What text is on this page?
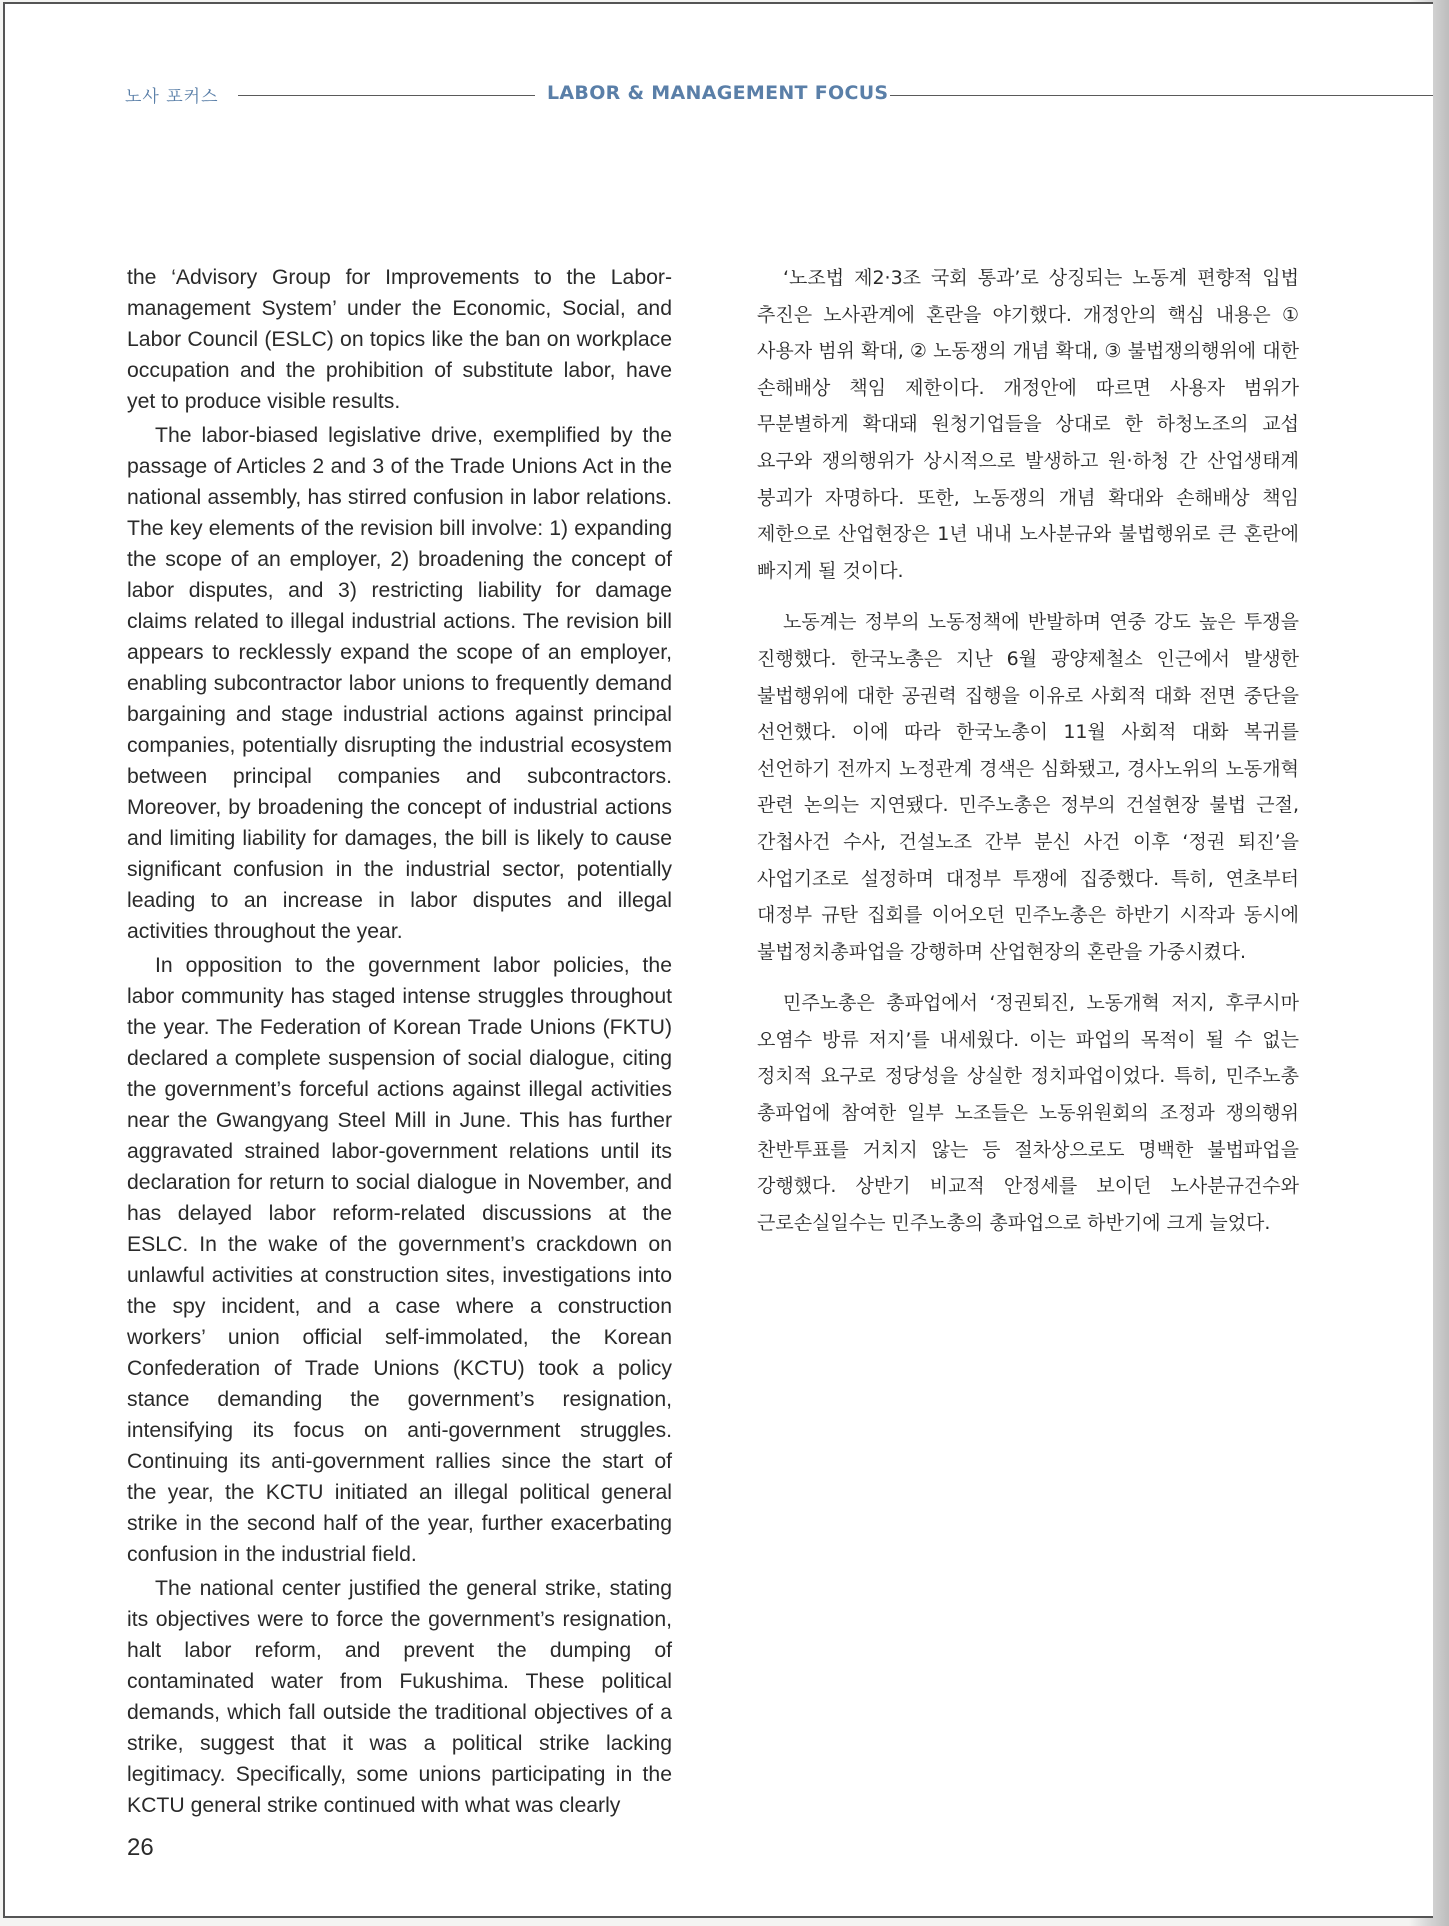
노사 포커스	LABOR & MANAGEMENT FOCUS

the ‘Advisory Group for Improvements to the Labor-management System’ under the Economic, Social, and Labor Council (ESLC) on topics like the ban on workplace occupation and the prohibition of substitute labor, have yet to produce visible results.

The labor-biased legislative drive, exemplified by the passage of Articles 2 and 3 of the Trade Unions Act in the national assembly, has stirred confusion in labor relations. The key elements of the revision bill involve: 1) expanding the scope of an employer, 2) broadening the concept of labor disputes, and 3) restricting liability for damage claims related to illegal industrial actions. The revision bill appears to recklessly expand the scope of an employer, enabling subcontractor labor unions to frequently demand bargaining and stage industrial actions against principal companies, potentially disrupting the industrial ecosystem between principal companies and subcontractors. Moreover, by broadening the concept of industrial actions and limiting liability for damages, the bill is likely to cause significant confusion in the industrial sector, potentially leading to an increase in labor disputes and illegal activities throughout the year.

In opposition to the government labor policies, the labor community has staged intense struggles throughout the year. The Federation of Korean Trade Unions (FKTU) declared a complete suspension of social dialogue, citing the government’s forceful actions against illegal activities near the Gwangyang Steel Mill in June. This has further aggravated strained labor-government relations until its declaration for return to social dialogue in November, and has delayed labor reform-related discussions at the ESLC. In the wake of the government’s crackdown on unlawful activities at construction sites, investigations into the spy incident, and a case where a construction workers’ union official self-immolated, the Korean Confederation of Trade Unions (KCTU) took a policy stance demanding the government’s resignation, intensifying its focus on anti-government struggles. Continuing its anti-government rallies since the start of the year, the KCTU initiated an illegal political general strike in the second half of the year, further exacerbating confusion in the industrial field.

The national center justified the general strike, stating its objectives were to force the government’s resignation, halt labor reform, and prevent the dumping of contaminated water from Fukushima. These political demands, which fall outside the traditional objectives of a strike, suggest that it was a political strike lacking legitimacy. Specifically, some unions participating in the KCTU general strike continued with what was clearly

‘노조법 제2·3조 국회 통과’로 상징되는 노동계 편향적 입법 추진은 노사관계에 혼란을 야기했다. 개정안의 핵심 내용은 ① 사용자 범위 확대, ② 노동쟁의 개념 확대, ③ 불법쟁의행위에 대한 손해배상 책임 제한이다. 개정안에 따르면 사용자 범위가 무분별하게 확대돼 원청기업들을 상대로 한 하청노조의 교섭 요구와 쟁의행위가 상시적으로 발생하고 원·하청 간 산업생태계 붕괴가 자명하다. 또한, 노동쟁의 개념 확대와 손해배상 책임 제한으로 산업현장은 1년 내내 노사분규와 불법행위로 큰 혼란에 빠지게 될 것이다.

노동계는 정부의 노동정책에 반발하며 연중 강도 높은 투쟁을 진행했다. 한국노총은 지난 6월 광양제철소 인근에서 발생한 불법행위에 대한 공권력 집행을 이유로 사회적 대화 전면 중단을 선언했다. 이에 따라 한국노총이 11월 사회적 대화 복귀를 선언하기 전까지 노정관계 경색은 심화됐고, 경사노위의 노동개혁 관련 논의는 지연됐다. 민주노총은 정부의 건설현장 불법 근절, 간첩사건 수사, 건설노조 간부 분신 사건 이후 ‘정권 퇴진’을 사업기조로 설정하며 대정부 투쟁에 집중했다. 특히, 연초부터 대정부 규탄 집회를 이어오던 민주노총은 하반기 시작과 동시에 불법정치총파업을 강행하며 산업현장의 혼란을 가중시켰다.

민주노총은 총파업에서 ‘정권퇴진, 노동개혁 저지, 후쿠시마 오염수 방류 저지’를 내세웠다. 이는 파업의 목적이 될 수 없는 정치적 요구로 정당성을 상실한 정치파업이었다. 특히, 민주노총 총파업에 참여한 일부 노조들은 노동위원회의 조정과 쟁의행위 찬반투표를 거치지 않는 등 절차상으로도 명백한 불법파업을 강행했다. 상반기 비교적 안정세를 보이던 노사분규건수와 근로손실일수는 민주노총의 총파업으로 하반기에 크게 늘었다.

26
